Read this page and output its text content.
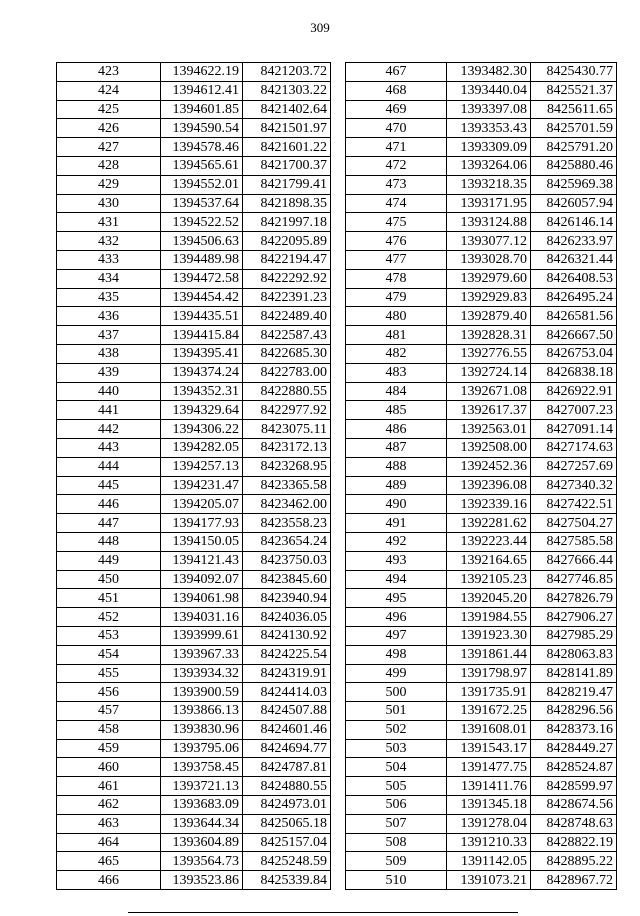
309
423	1394622.19	8421203.72
424	1394612.41	8421303.22
425	1394601.85	8421402.64
426	1394590.54	8421501.97
427	1394578.46	8421601.22
428	1394565.61	8421700.37
429	1394552.01	8421799.41
430	1394537.64	8421898.35
431	1394522.52	8421997.18
432	1394506.63	8422095.89
433	1394489.98	8422194.47
434	1394472.58	8422292.92
435	1394454.42	8422391.23
436	1394435.51	8422489.40
437	1394415.84	8422587.43
438	1394395.41	8422685.30
439	1394374.24	8422783.00
440	1394352.31	8422880.55
441	1394329.64	8422977.92
442	1394306.22	8423075.11
443	1394282.05	8423172.13
444	1394257.13	8423268.95
445	1394231.47	8423365.58
446	1394205.07	8423462.00
447	1394177.93	8423558.23
448	1394150.05	8423654.24
449	1394121.43	8423750.03
450	1394092.07	8423845.60
451	1394061.98	8423940.94
452	1394031.16	8424036.05
453	1393999.61	8424130.92
454	1393967.33	8424225.54
455	1393934.32	8424319.91
456	1393900.59	8424414.03
457	1393866.13	8424507.88
458	1393830.96	8424601.46
459	1393795.06	8424694.77
460	1393758.45	8424787.81
461	1393721.13	8424880.55
462	1393683.09	8424973.01
463	1393644.34	8425065.18
464	1393604.89	8425157.04
465	1393564.73	8425248.59
466	1393523.86	8425339.84
467	1393482.30	8425430.77
468	1393440.04	8425521.37
469	1393397.08	8425611.65
470	1393353.43	8425701.59
471	1393309.09	8425791.20
472	1393264.06	8425880.46
473	1393218.35	8425969.38
474	1393171.95	8426057.94
475	1393124.88	8426146.14
476	1393077.12	8426233.97
477	1393028.70	8426321.44
478	1392979.60	8426408.53
479	1392929.83	8426495.24
480	1392879.40	8426581.56
481	1392828.31	8426667.50
482	1392776.55	8426753.04
483	1392724.14	8426838.18
484	1392671.08	8426922.91
485	1392617.37	8427007.23
486	1392563.01	8427091.14
487	1392508.00	8427174.63
488	1392452.36	8427257.69
489	1392396.08	8427340.32
490	1392339.16	8427422.51
491	1392281.62	8427504.27
492	1392223.44	8427585.58
493	1392164.65	8427666.44
494	1392105.23	8427746.85
495	1392045.20	8427826.79
496	1391984.55	8427906.27
497	1391923.30	8427985.29
498	1391861.44	8428063.83
499	1391798.97	8428141.89
500	1391735.91	8428219.47
501	1391672.25	8428296.56
502	1391608.01	8428373.16
503	1391543.17	8428449.27
504	1391477.75	8428524.87
505	1391411.76	8428599.97
506	1391345.18	8428674.56
507	1391278.04	8428748.63
508	1391210.33	8428822.19
509	1391142.05	8428895.22
510	1391073.21	8428967.72
